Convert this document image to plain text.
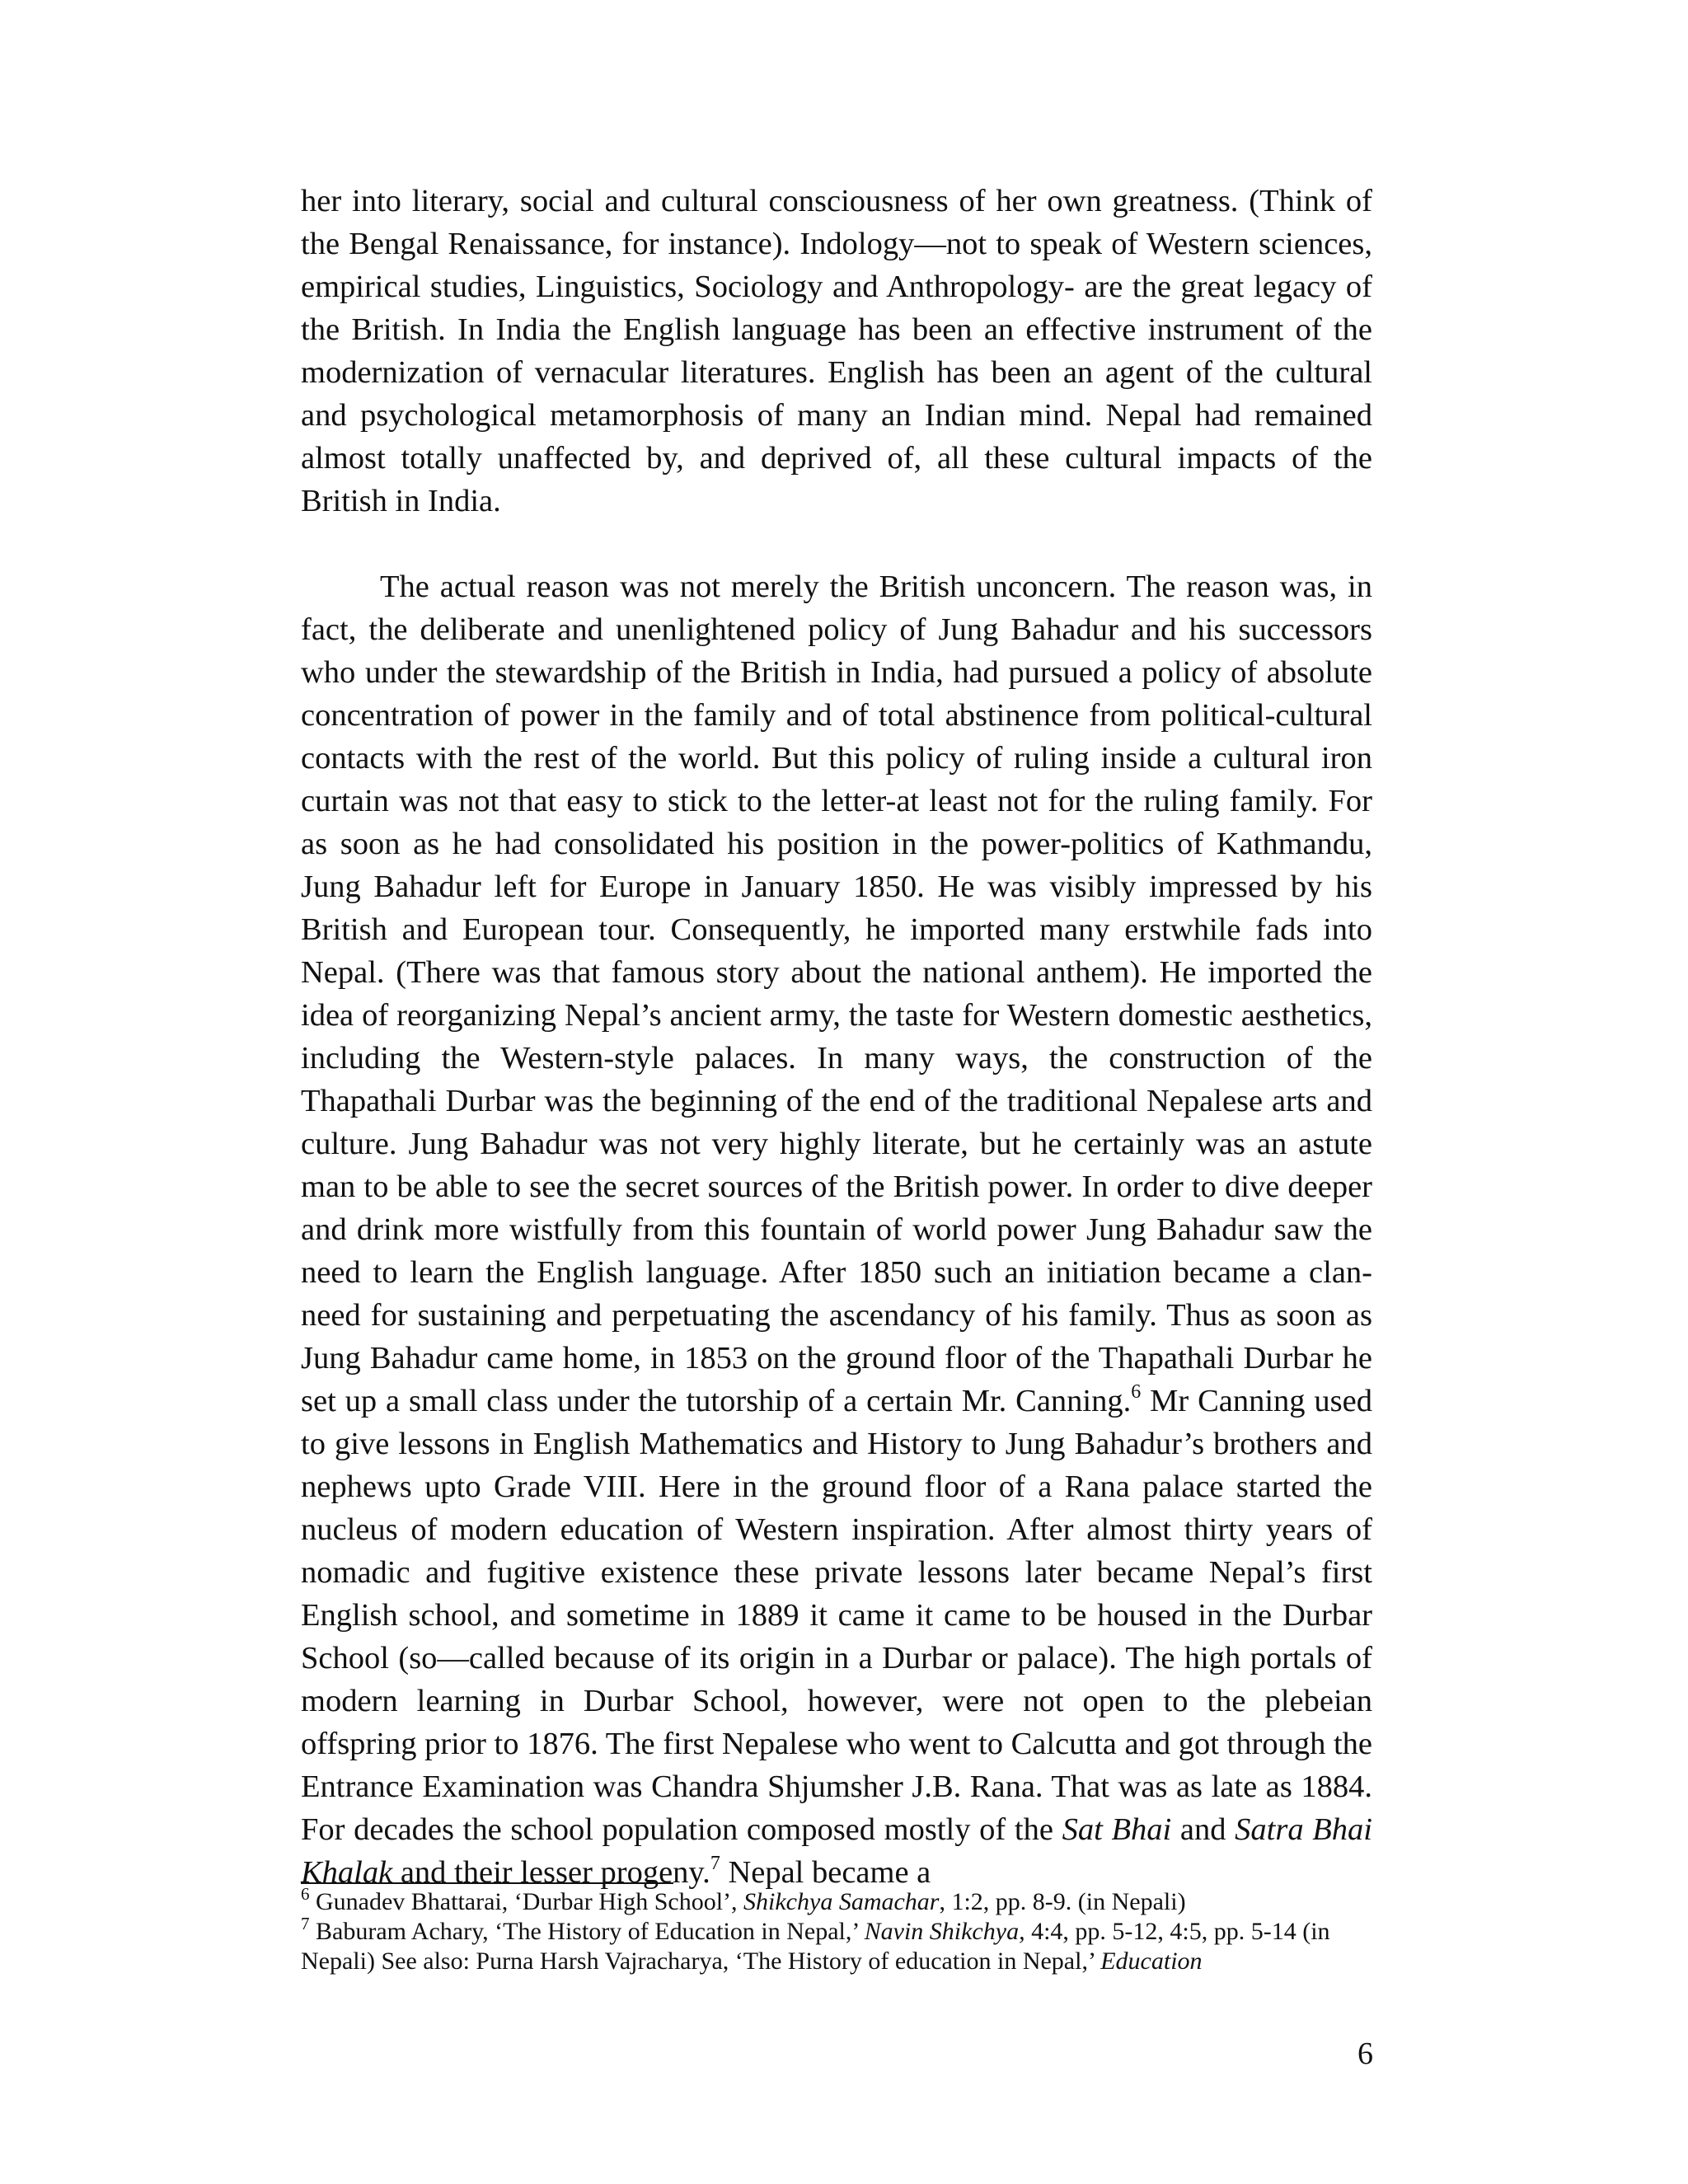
her into literary, social and cultural consciousness of her own greatness. (Think of the Bengal Renaissance, for instance). Indology—not to speak of Western sciences, empirical studies, Linguistics, Sociology and Anthropology- are the great legacy of the British. In India the English language has been an effective instrument of the modernization of vernacular literatures. English has been an agent of the cultural and psychological metamorphosis of many an Indian mind. Nepal had remained almost totally unaffected by, and deprived of, all these cultural impacts of the British in India.

The actual reason was not merely the British unconcern. The reason was, in fact, the deliberate and unenlightened policy of Jung Bahadur and his successors who under the stewardship of the British in India, had pursued a policy of absolute concentration of power in the family and of total abstinence from political-cultural contacts with the rest of the world. But this policy of ruling inside a cultural iron curtain was not that easy to stick to the letter-at least not for the ruling family. For as soon as he had consolidated his position in the power-politics of Kathmandu, Jung Bahadur left for Europe in January 1850. He was visibly impressed by his British and European tour. Consequently, he imported many erstwhile fads into Nepal. (There was that famous story about the national anthem). He imported the idea of reorganizing Nepal’s ancient army, the taste for Western domestic aesthetics, including the Western-style palaces. In many ways, the construction of the Thapathali Durbar was the beginning of the end of the traditional Nepalese arts and culture. Jung Bahadur was not very highly literate, but he certainly was an astute man to be able to see the secret sources of the British power. In order to dive deeper and drink more wistfully from this fountain of world power Jung Bahadur saw the need to learn the English language. After 1850 such an initiation became a clan-need for sustaining and perpetuating the ascendancy of his family. Thus as soon as Jung Bahadur came home, in 1853 on the ground floor of the Thapathali Durbar he set up a small class under the tutorship of a certain Mr. Canning.$^6$ Mr Canning used to give lessons in English Mathematics and History to Jung Bahadur’s brothers and nephews upto Grade VIII. Here in the ground floor of a Rana palace started the nucleus of modern education of Western inspiration. After almost thirty years of nomadic and fugitive existence these private lessons later became Nepal’s first English school, and sometime in 1889 it came it came to be housed in the Durbar School (so—called because of its origin in a Durbar or palace). The high portals of modern learning in Durbar School, however, were not open to the plebeian offspring prior to 1876. The first Nepalese who went to Calcutta and got through the Entrance Examination was Chandra Shjumsher J.B. Rana. That was as late as 1884. For decades the school population composed mostly of the Sat Bhai and Satra Bhai Khalak and their lesser progeny.$^7$ Nepal became a

$^6$ Gunadev Bhattarai, ‘Durbar High School’, Shikchya Samachar, 1:2, pp. 8-9. (in Nepali)

$^7$ Baburam Achary, ‘The History of Education in Nepal,’ Navin Shikchya, 4:4, pp. 5-12, 4:5, pp. 5-14 (in Nepali) See also: Purna Harsh Vajracharya, ‘The History of education in Nepal,’ Education

6
